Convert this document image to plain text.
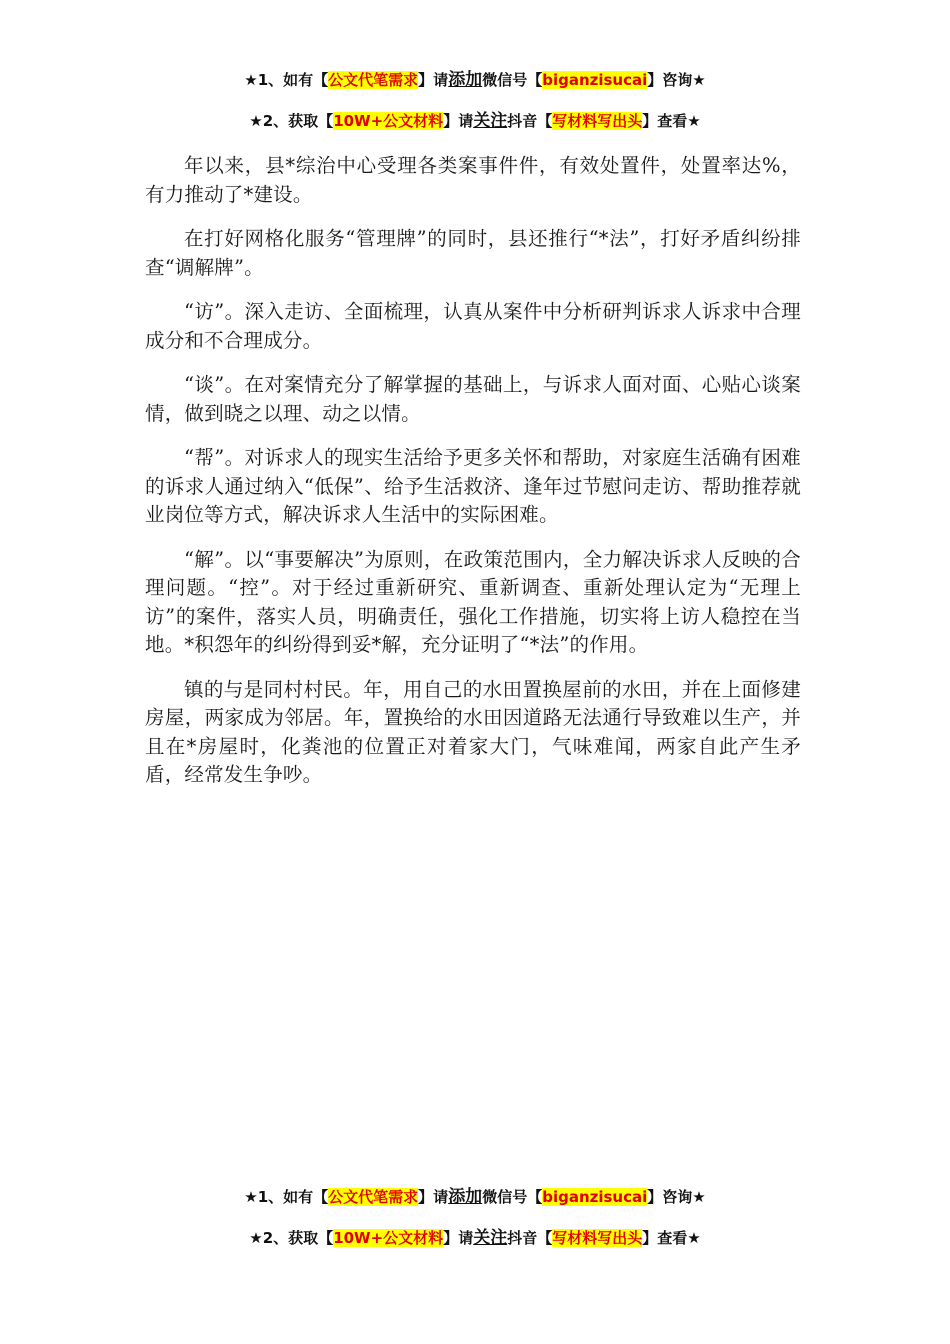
★1、如有【公文代笔需求】请添加微信号【biganzisucai】咨询★
★2、获取【10W+公文材料】请关注抖音【写材料写出头】查看★

年以来，县*综治中心受理各类案事件件，有效处置件，处置率达%，有力推动了*建设。

在打好网格化服务“管理牌”的同时，县还推行“*法”，打好矛盾纠纷排查“调解牌”。

“访”。深入走访、全面梳理，认真从案件中分析研判诉求人诉求中合理成分和不合理成分。

“谈”。在对案情充分了解掌握的基础上，与诉求人面对面、心贴心谈案情，做到晓之以理、动之以情。

“帮”。对诉求人的现实生活给予更多关怀和帮助，对家庭生活确有困难的诉求人通过纳入“低保”、给予生活救济、逢年过节慰问走访、帮助推荐就业岗位等方式，解决诉求人生活中的实际困难。

“解”。以“事要解决”为原则，在政策范围内，全力解决诉求人反映的合理问题。“控”。对于经过重新研究、重新调查、重新处理认定为“无理上访”的案件，落实人员，明确责任，强化工作措施，切实将上访人稳控在当地。*积怨年的纠纷得到妥*解，充分证明了“*法”的作用。

镇的与是同村村民。年，用自己的水田置换屋前的水田，并在上面修建房屋，两家成为邻居。年，置换给的水田因道路无法通行导致难以生产，并且在*房屋时，化粪池的位置正对着家大门，气味难闻，两家自此产生矛盾，经常发生争吵。

★1、如有【公文代笔需求】请添加微信号【biganzisucai】咨询★
★2、获取【10W+公文材料】请关注抖音【写材料写出头】查看★
